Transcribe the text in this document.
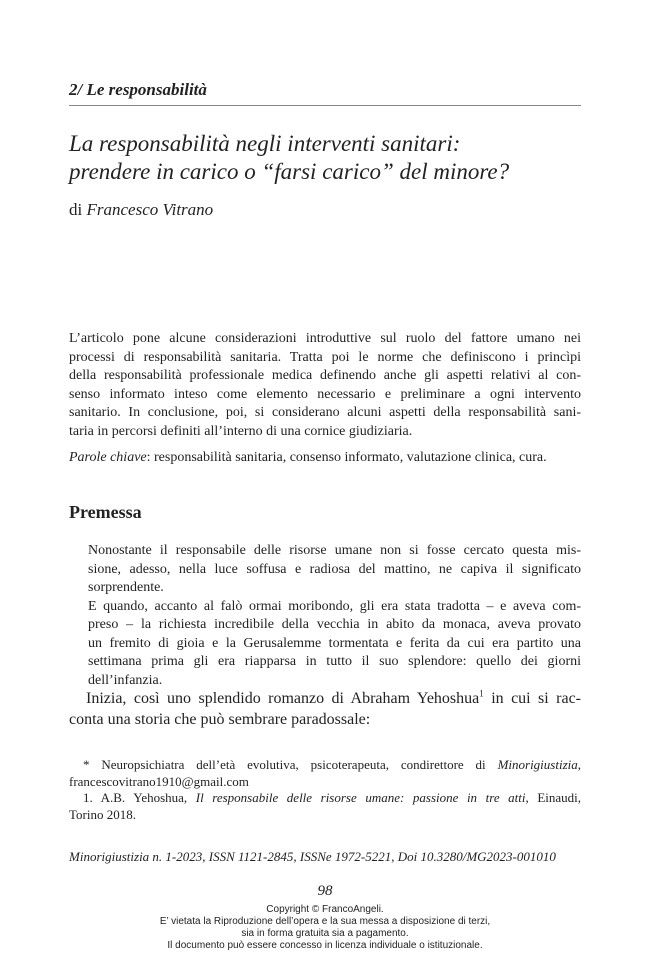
2/ Le responsabilità
La responsabilità negli interventi sanitari:
prendere in carico o “farsi carico” del minore?
di Francesco Vitrano
L’articolo pone alcune considerazioni introduttive sul ruolo del fattore umano nei
processi di responsabilità sanitaria. Tratta poi le norme che definiscono i princìpi
della responsabilità professionale medica definendo anche gli aspetti relativi al con-
senso informato inteso come elemento necessario e preliminare a ogni intervento
sanitario. In conclusione, poi, si considerano alcuni aspetti della responsabilità sani-
taria in percorsi definiti all’interno di una cornice giudiziaria.
Parole chiave: responsabilità sanitaria, consenso informato, valutazione clinica, cura.
Premessa
Nonostante il responsabile delle risorse umane non si fosse cercato questa mis-
sione, adesso, nella luce soffusa e radiosa del mattino, ne capiva il significato
sorprendente.
E quando, accanto al falò ormai moribondo, gli era stata tradotta – e aveva com-
preso – la richiesta incredibile della vecchia in abito da monaca, aveva provato
un fremito di gioia e la Gerusalemme tormentata e ferita da cui era partito una
settimana prima gli era riapparsa in tutto il suo splendore: quello dei giorni
dell’infanzia.
Inizia, così uno splendido romanzo di Abraham Yehoshua$^1$ in cui si rac-
conta una storia che può sembrare paradossale:
* Neuropsichiatra dell’età evolutiva, psicoterapeuta, condirettore di Minorigiustizia,
francescovitrano1910@gmail.com
1. A.B. Yehoshua, Il responsabile delle risorse umane: passione in tre atti, Einaudi,
Torino 2018.
Minorigiustizia n. 1-2023, ISSN 1121-2845, ISSNe 1972-5221, Doi 10.3280/MG2023-001010
98
Copyright © FrancoAngeli.
E’ vietata la Riproduzione dell’opera e la sua messa a disposizione di terzi,
sia in forma gratuita sia a pagamento.
Il documento può essere concesso in licenza individuale o istituzionale.
